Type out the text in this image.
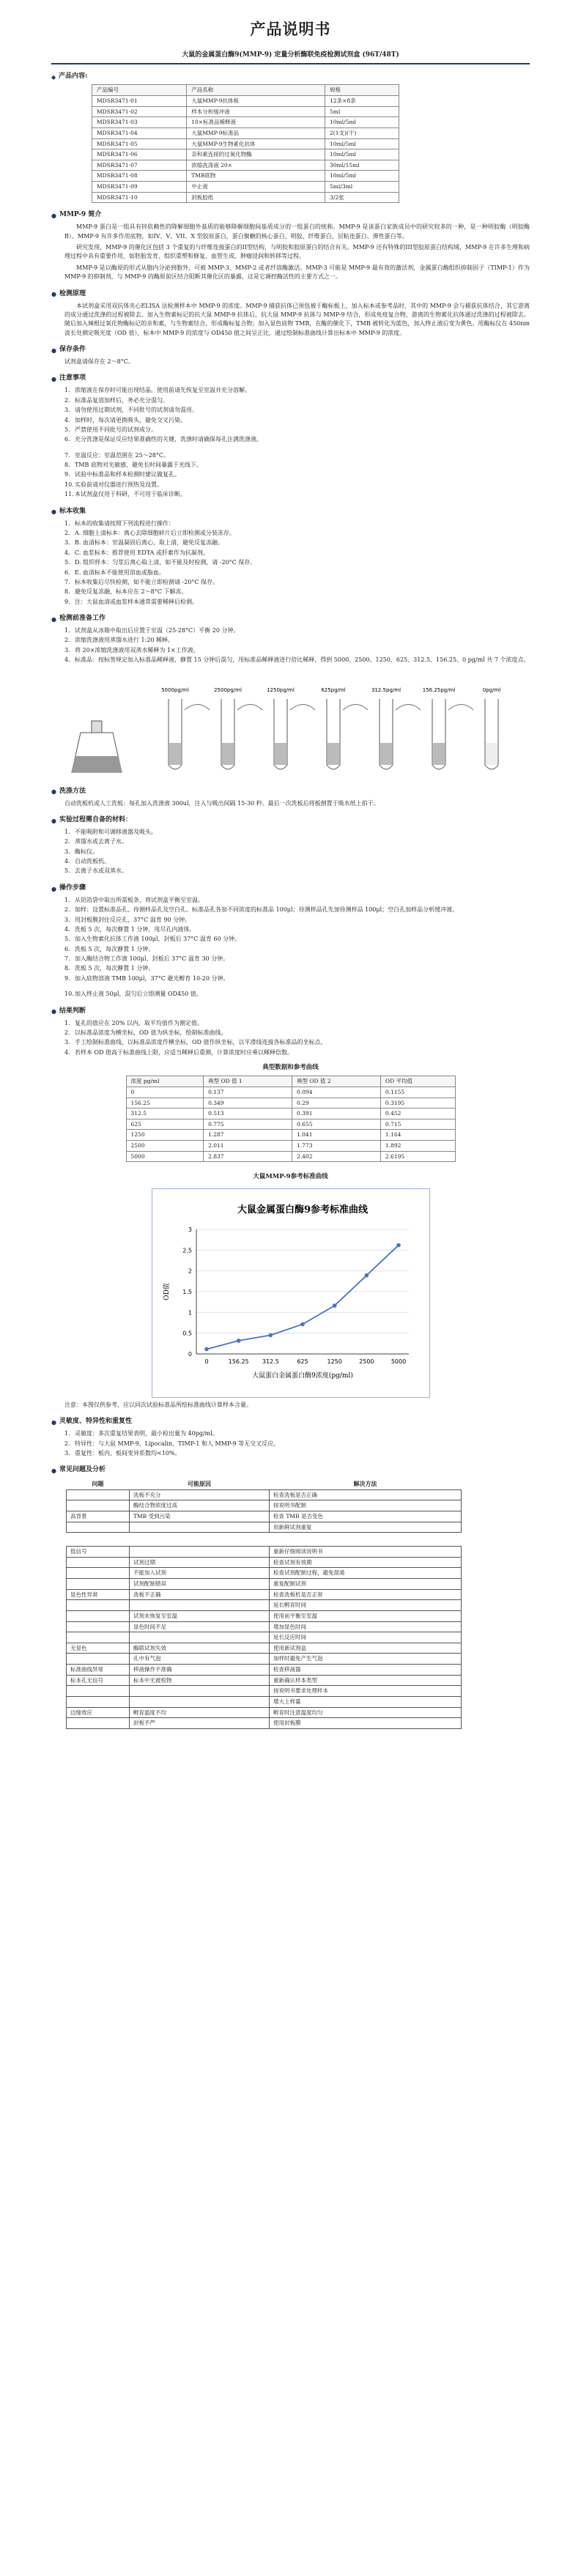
产品说明书
大鼠的金属蛋白酶9(MMP-9) 定量分析酶联免疫检测试剂盒 (96T/48T)
◆ 产品内容:
产品编号	产品名称	规格
MDSR3471-01	大鼠MMP-9抗体板	12条×8条
MDSR3471-02	样本分析缓冲液	5ml
MDSR3471-03	10×标准品稀释液	10ml/5ml
MDSR3471-04	大鼠MMP-9标准品	2(1支)(干)
MDSR3471-05	大鼠MMP-9生物素化抗体	10ml/5ml
MDSR3471-06	亲和素连接的过氧化物酶	10ml/5ml
MDSR3471-07	浓缩洗涤液 20×	30ml/15ml
MDSR3471-08	TMB底物	10ml/5ml
MDSR3471-09	中止液	5ml/3ml
MDSR3471-10	封板胶纸	3/2张
● MMP-9 简介

MMP-9 蛋白是一组具有锌依赖性的降解细胞外基质的能够降解细胞间基质成分的一组蛋白的统称。MMP-9 是该蛋白家族成员中的研究较多的一种，是一种明胶酶（明胶酶B）。MMP-9 有许多作用底物，如IV、V、VII、X 型胶原蛋白，蛋白聚糖的核心蛋白、明胶、纤维蛋白、层粘连蛋白、弹性蛋白等。

研究发现，MMP-9 的催化区包括 3 个重复的与纤维连接蛋白的II型结构，与明胶和胶原蛋白的结合有关。MMP-9 还有特殊的III型胶原蛋白结构域，MMP-9 在许多生理和病理过程中具有重要作用，如胚胎发育、组织重塑和修复、血管生成、肿瘤浸润和转移等过程。

MMP-9 是以酶原的形式从胞内分泌到胞外，可被 MMP-3、MMP-2 或者纤溶酶激活。MMP-3 可能是 MMP-9 最有效的激活剂，金属蛋白酶组织抑制因子（TIMP-1）作为 MMP-9 的抑制剂，与 MMP-9 的酶原前区结合阻断其催化区的暴露，这是它调控酶活性的主要方式之一。

● 检测原理

本试剂盒采用双抗体夹心ELISA 法检测样本中 MMP-9 的浓度。MMP-9 捕获抗体已预包被于酶标板上，加入标本或参考品时，其中的 MMP-9 会与捕获抗体结合，其它游离的成分通过洗涤的过程被除去。加入生物素标记的抗大鼠 MMP-9 抗体后，抗大鼠 MMP-9 抗体与 MMP-9 结合，形成免疫复合物，游离的生物素化抗体通过洗涤的过程被除去。随后加入辣根过氧化物酶标记的亲和素，与生物素结合，形成酶标复合物；加入显色底物 TMB，在酶的催化下，TMB 被转化为蓝色，加入终止液后变为黄色。用酶标仪在 450nm 波长处测定吸光度（OD 值），标本中 MMP-9 的浓度与 OD450 值之间呈正比，通过绘制标准曲线计算出标本中 MMP-9 的浓度。

● 保存条件
试剂盒请保存在 2～8°C。
● 注意事项
1. 浓缩液在保存时可能出现结晶，使用前请先恢复至室温并充分溶解。
2. 标准品复溶加样后，务必充分混匀。
3. 请勿使用过期试剂，不同批号的试剂请勿混用。
4. 加样时，每次请更换吸头，避免交叉污染。
5. 严禁使用不同批号的试剂成分。
6. 充分洗涤是保证反应结果准确性的关键，洗涤时请确保每孔注满洗涤液。
7. 室温反应：室温范围在 25～28°C。
8. TMB 底物对光敏感，避免长时间暴露于光线下。
9. 试验中标准品和样本检测时建议做复孔。
10. 实验前请对仪器进行预热及设置。
11. 本试剂盒仅用于科研，不可用于临床诊断。
● 标本收集
1. 标本的收集请按照下列流程进行操作：
2. A. 细胞上清标本：离心去除细胞碎片后立即检测或分装冻存。
3. B. 血清标本：室温凝固后离心，取上清，避免反复冻融。
4. C. 血浆标本：推荐使用 EDTA 或肝素作为抗凝剂。
5. D. 组织样本：匀浆后离心取上清，如不能及时检测，请 -20°C 保存。
6. E. 血清标本不能使用溶血或脂血。
7. 标本收集后尽快检测，如不能立即检测请 -20°C 保存。
8. 避免反复冻融，标本应在 2～8°C 下解冻。
9. 注：大鼠血清或血浆样本通常需要稀释后检测。
● 检测前准备工作
1. 试剂盒从冰箱中取出后应置于室温（25-28°C）平衡 20 分钟。
2. 浓缩洗涤液用蒸馏水进行 1:20 稀释。
3. 将 20×浓缩洗涤液用双蒸水稀释为 1×工作液。
4. 标准品：按标签规定加入标准品稀释液，静置 15 分钟后混匀，用标准品稀释液进行倍比稀释，得到 5000、2500、1250、625、312.5、156.25、0 pg/ml 共 7 个浓度点。
5000pg/ml	2500pg/ml	1250pg/ml	625pg/ml	312.5pg/ml	156.25pg/ml	0pg/ml
● 洗涤方法
自动洗板机或人工洗板：每孔加入洗涤液 300ul，注入与吸出间隔 15-30 秒。最后一次洗板后将板倒置于吸水纸上拍干。
● 实验过程需自备的材料：
1. 不能吸附和可调移液器及吸头。
2. 蒸馏水或去离子水。
3. 酶标仪。
4. 自动洗板机。
5. 去离子水或双蒸水。
● 操作步骤
1. 从铝箔袋中取出所需板条，将试剂盒平衡至室温。
2. 加样：设置标准品孔、待测样品孔及空白孔。标准品孔各加不同浓度的标准品 100μl；待测样品孔先加待测样品 100μl；空白孔加样品分析缓冲液。
3. 用封板膜封住反应孔，37°C 温育 90 分钟。
4. 洗板 5 次，每次静置 1 分钟，甩尽孔内液体。
5. 加入生物素化抗体工作液 100μl，封板后 37°C 温育 60 分钟。
6. 洗板 5 次，每次静置 1 分钟。
7. 加入酶结合物工作液 100μl，封板后 37°C 温育 30 分钟。
8. 洗板 5 次，每次静置 1 分钟。
9. 加入底物溶液 TMB 100μl，37°C 避光孵育 10-20 分钟。
10. 加入终止液 50μl，混匀后立即测量 OD450 值。
● 结果判断
1. 复孔的值应在 20% 以内，取平均值作为测定值。
2. 以标准品浓度为横坐标，OD 值为纵坐标，绘制标准曲线。
3. 手工绘制标准曲线，以标准品浓度作横坐标，OD 值作纵坐标，以平滑线连接各标准品的坐标点。
4. 若样本 OD 值高于标准曲线上限，应适当稀释后重测，计算浓度时应乘以稀释倍数。
典型数据和参考曲线
浓度 pg/ml	典型 OD 值 1	典型 OD 值 2	OD 平均值
0	0.137	0.094	0.1155
156.25	0.349	0.29	0.3195
312.5	0.513	0.391	0.452
625	0.775	0.655	0.715
1250	1.287	1.041	1.164
2500	2.011	1.773	1.892
5000	2.837	2.402	2.6195
大鼠MMP-9参考标准曲线
大鼠金属蛋白酶9参考标准曲线
0
0.5
1
1.5
2
2.5
3
0	156.25 312.5	625	1250	2500	5000
大鼠蛋白金属蛋白酶9浓度(pg/ml)
OD值
注意：本图仅供参考，应以同次试验标准品所绘标准曲线计算样本含量。
● 灵敏度、特异性和重复性
1. 灵敏度：多次重复结果表明，最小检出量为 40pg/ml。
2. 特异性：与大鼠 MMP-9、Lipocalin、TIMP-1 和人 MMP-9 等无交叉反应。
3. 重复性：板内、板间变异系数均<10%。
● 常见问题及分析
问题	可能原因	解决方法
	洗板不充分	检查洗板是否正确
	酶结合物浓度过高	按说明书配制
高背景	TMB 受到污染	检查 TMB 是否变色
		用新鲜试剂重复
低信号		重新仔细阅读说明书
	试剂过期	检查试剂有效期
	不能加入试剂	检查试剂配制过程，避免混淆
	试剂配制错误	重复配制试剂
显色性异常	洗板不正确	检查洗板机是否正常
		延长孵育时间
	试剂未恢复至室温	使用前平衡至室温
	显色时间不足	增加显色时间
		延长反应时间
无显色	酶联试剂失效	使用新试剂盒
	孔中有气泡	加样时避免产生气泡
标准曲线异常	移液操作不准确	检查移液器
标本孔无信号	标本中无被检物	重新确认样本类型
		按说明书要求处理样本
		增大上样量
边缘效应	孵育温度不均	孵育时注意温度均匀
	封板不严	使用封板膜
